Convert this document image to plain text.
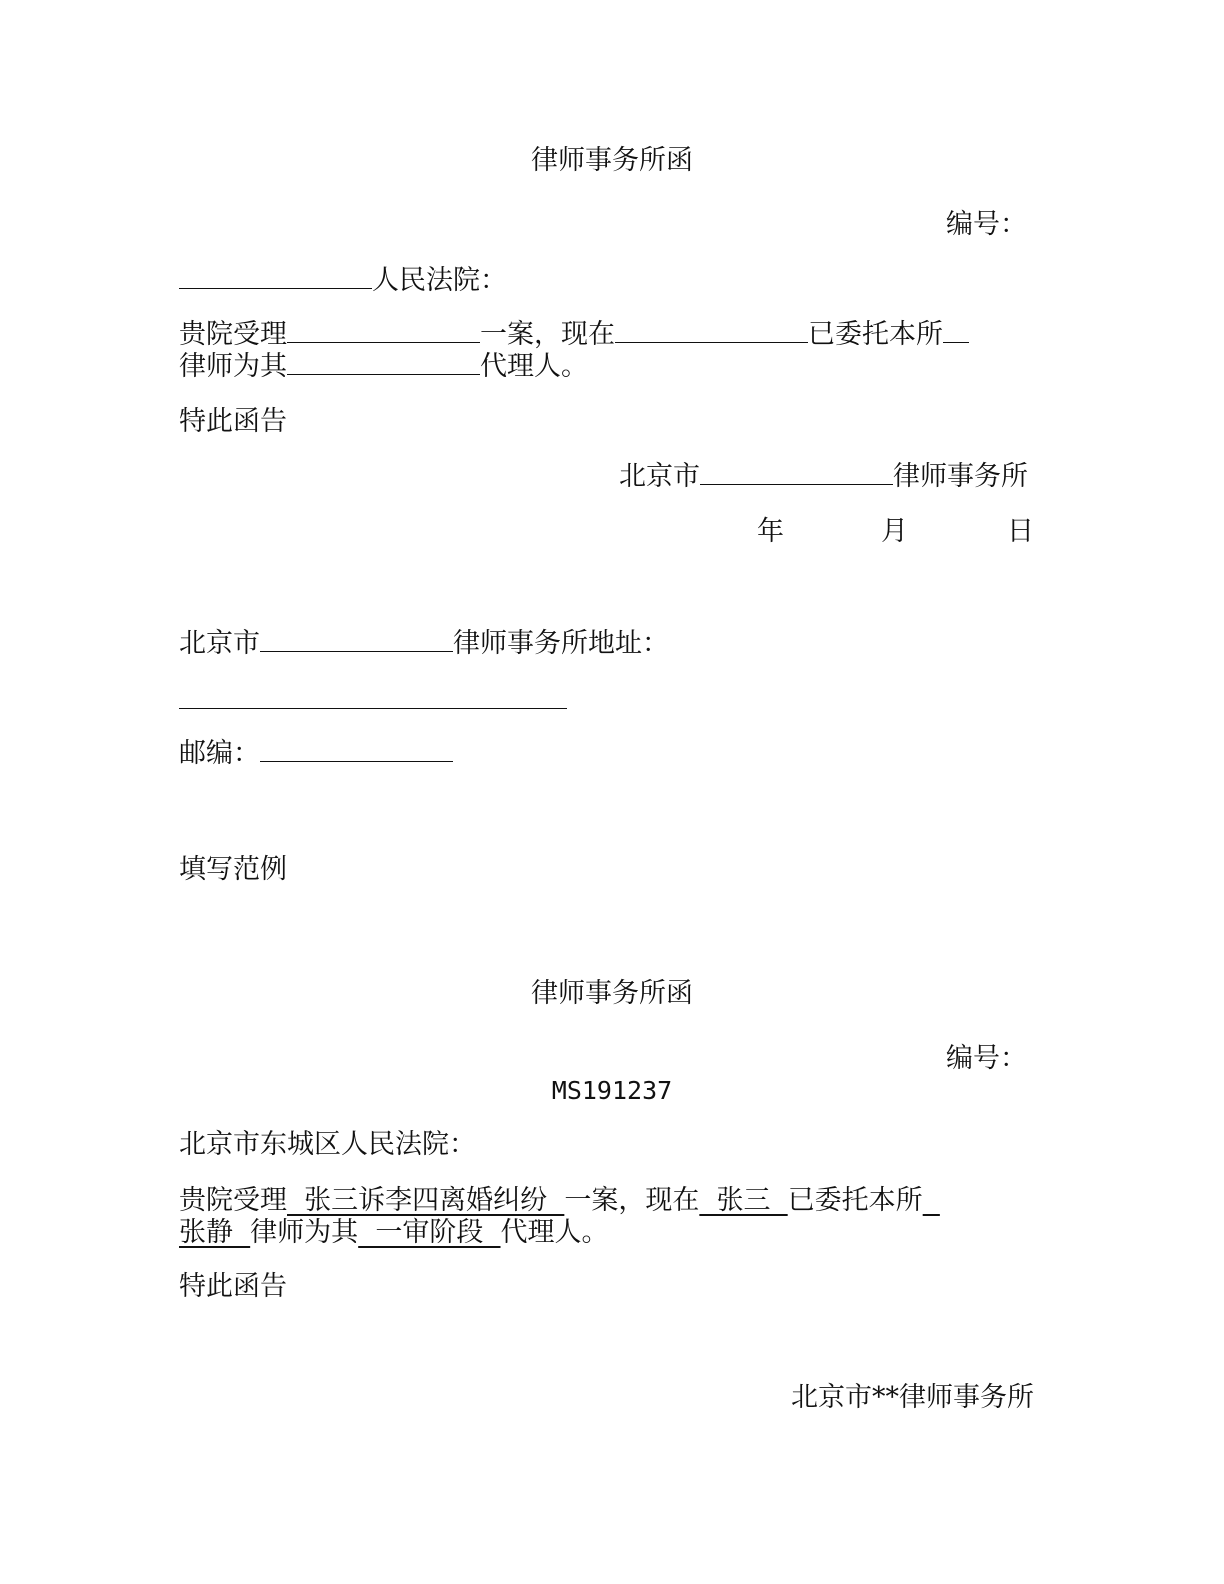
律师事务所函
编号：
人民法院：
贵院受理	一案，现在	已委托本所
律师为其	代理人。
特此函告
北京市	律师事务所
年	月	日
北京市	律师事务所地址：
邮编：
填写范例
律师事务所函
编号：
MS191237
北京市东城区人民法院：
贵院受理  张三诉李四离婚纠纷  一案，现在  张三  已委托本所
张静  律师为其  一审阶段  代理人。
特此函告
北京市**律师事务所
